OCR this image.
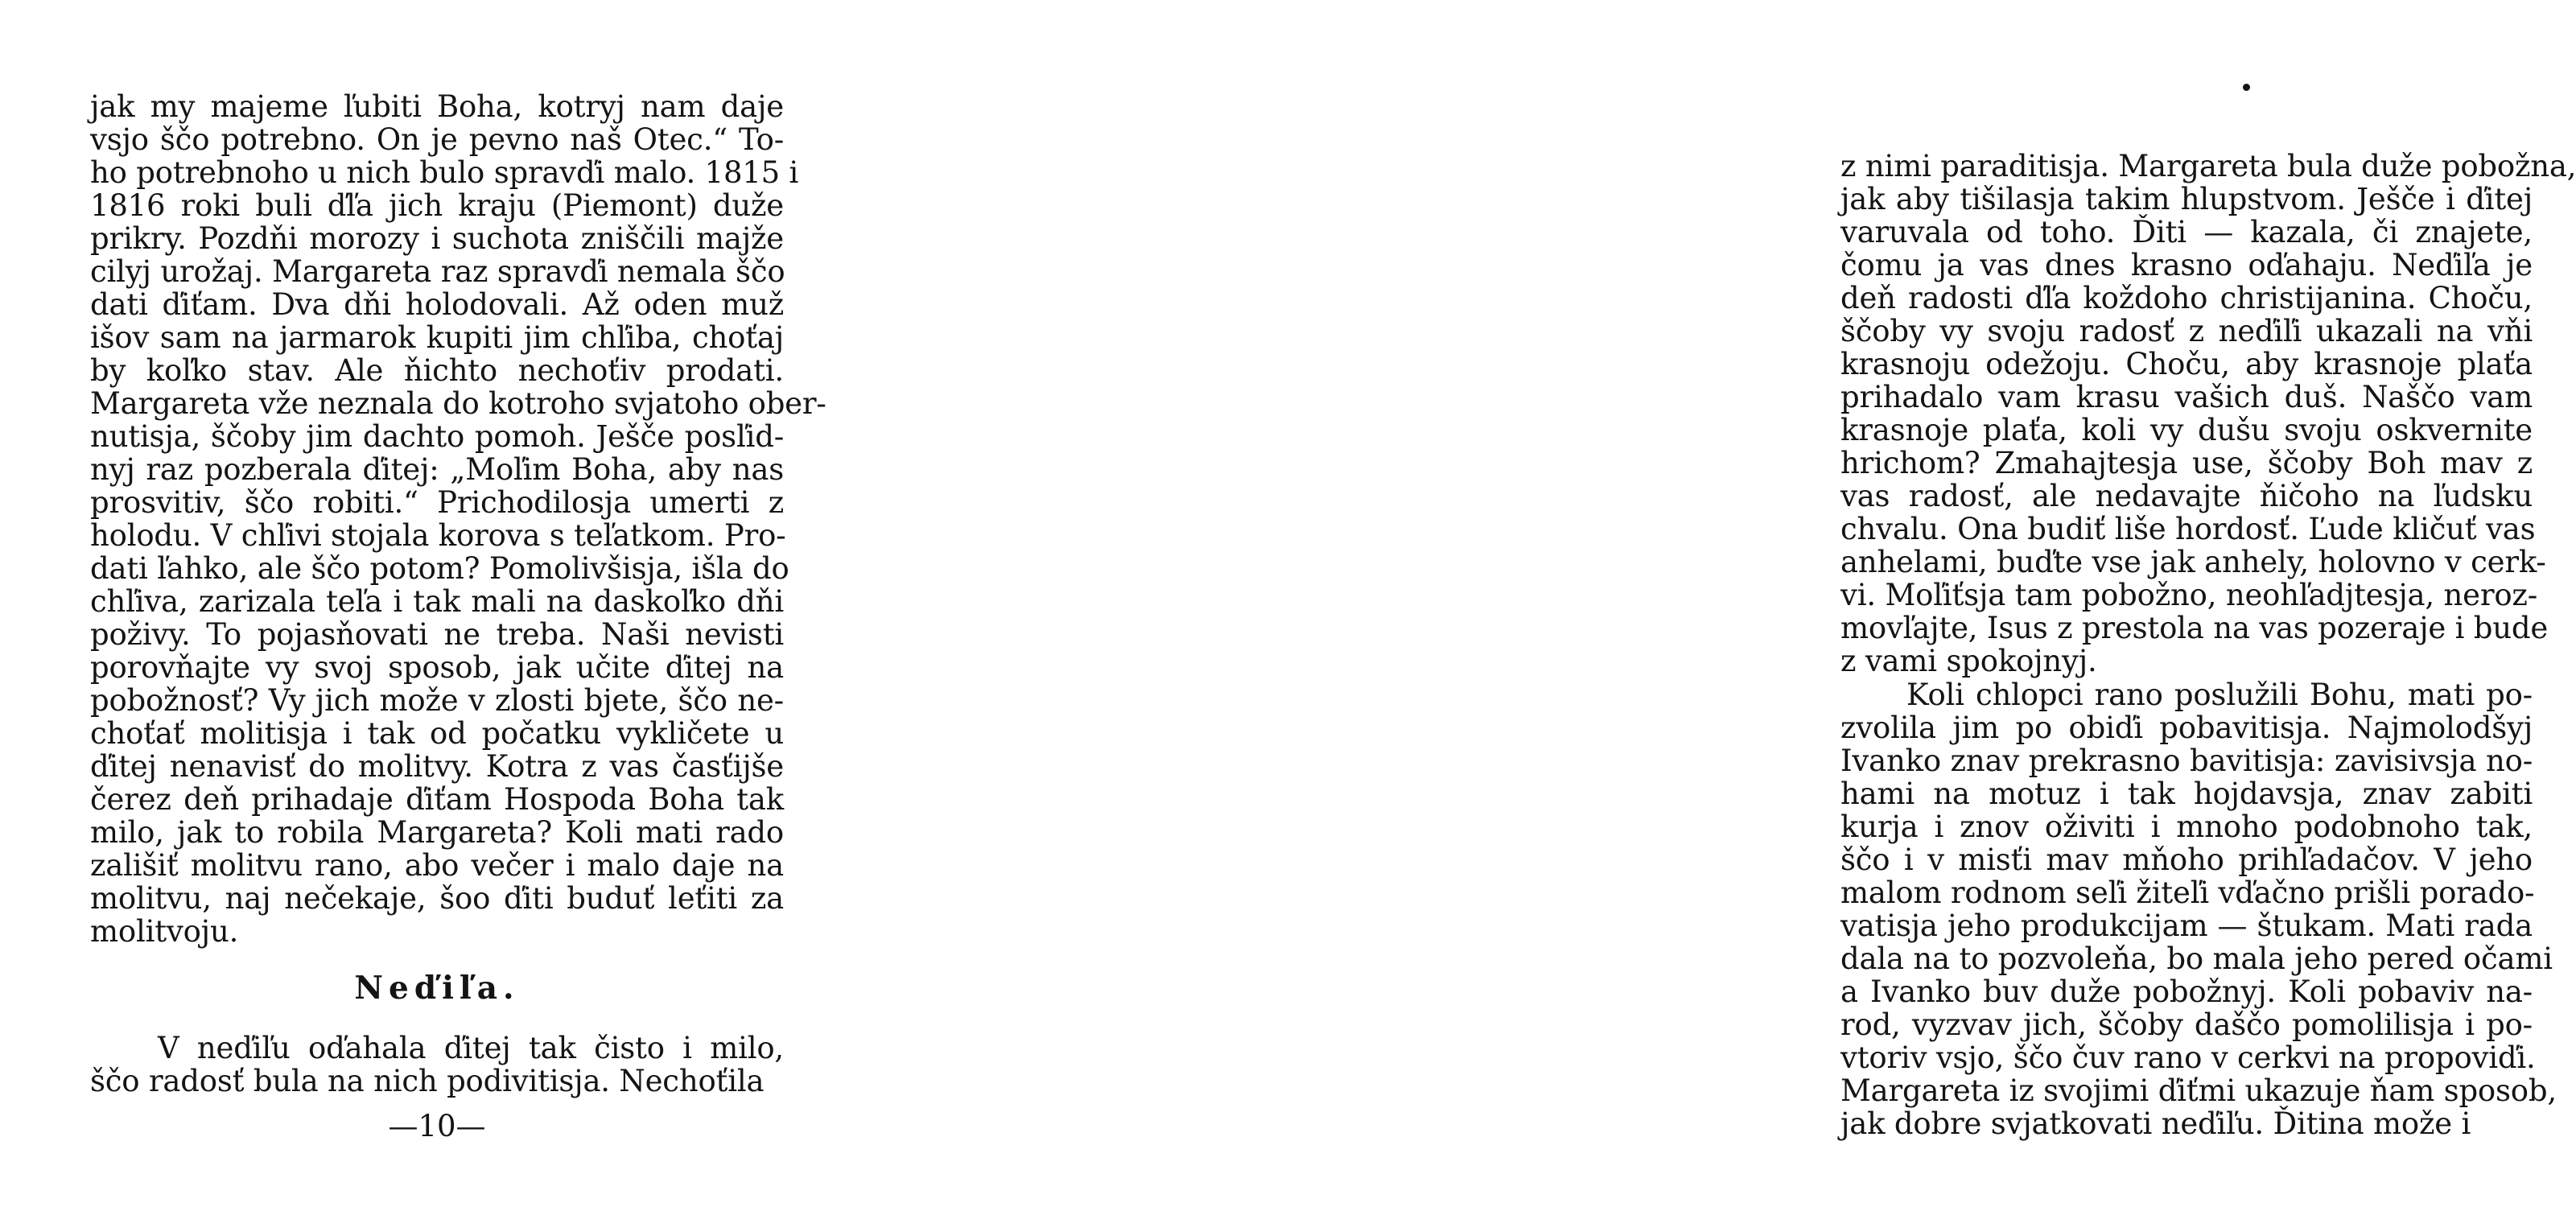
jak my majeme ľubiti Boha, kotryj nam daje
vsjo ščo potrebno. On je pevno naš Otec.“ To-
ho potrebnoho u nich bulo spravďi malo. 1815 i
1816 roki buli ďľa jich kraju (Piemont) duže
prikry. Pozdňi morozy i suchota zniščili majže
cilyj urožaj. Margareta raz spravďi nemala ščo
dati ďiťam. Dva dňi holodovali. Až oden muž
išov sam na jarmarok kupiti jim chľiba, choťaj
by koľko stav. Ale ňichto nechoťiv prodati.
Margareta vže neznala do kotroho svjatoho ober-
nutisja, ščoby jim dachto pomoh. Ješče posľid-
nyj raz pozberala ďitej: „Moľim Boha, aby nas
prosvitiv, ščo robiti.“ Prichodilosja umerti z
holodu. V chľivi stojala korova s teľatkom. Pro-
dati ľahko, ale ščo potom? Pomolivšisja, išla do
chľiva, zarizala teľa i tak mali na daskoľko dňi
poživy. To pojasňovati ne treba. Naši nevisti
porovňajte vy svoj sposob, jak učite ďitej na
pobožnosť? Vy jich može v zlosti bjete, ščo ne-
choťať molitisja i tak od počatku vykličete u
ďitej nenavisť do molitvy. Kotra z vas časťijše
čerez deň prihadaje ďiťam Hospoda Boha tak
milo, jak to robila Margareta? Koli mati rado
zališiť molitvu rano, abo večer i malo daje na
molitvu, naj nečekaje, šoo ďiti buduť leťiti za
molitvoju.
Neďiľa.
V neďiľu oďahala ďitej tak čisto i milo,
ščo radosť bula na nich podivitisja. Nechoťila
—10—
z nimi paraditisja. Margareta bula duže pobožna,
jak aby tišilasja takim hlupstvom. Ješče i ďitej
varuvala od toho. Ďiti — kazala, či znajete,
čomu ja vas dnes krasno oďahaju. Neďiľa je
deň radosti ďľa koždoho christijanina. Choču,
ščoby vy svoju radosť z neďiľi ukazali na vňi
krasnoju odežoju. Choču, aby krasnoje plaťa
prihadalo vam krasu vašich duš. Naščo vam
krasnoje plaťa, koli vy dušu svoju oskvernite
hrichom? Zmahajtesja use, ščoby Boh mav z
vas radosť, ale nedavajte ňičoho na ľudsku
chvalu. Ona budiť liše hordosť. Ľude kličuť vas
anhelami, buďte vse jak anhely, holovno v cerk-
vi. Moľiťsja tam pobožno, neohľadjtesja, neroz-
movľajte, Isus z prestola na vas pozeraje i bude
z vami spokojnyj.
Koli chlopci rano poslužili Bohu, mati po-
zvolila jim po obiďi pobavitisja. Najmolodšyj
Ivanko znav prekrasno bavitisja: zavisivsja no-
hami na motuz i tak hojdavsja, znav zabiti
kurja i znov oživiti i mnoho podobnoho tak,
ščo i v misťi mav mňoho prihľadačov. V jeho
malom rodnom seľi žiteľi vďačno prišli porado-
vatisja jeho produkcijam — štukam. Mati rada
dala na to pozvoleňa, bo mala jeho pered očami
a Ivanko buv duže pobožnyj. Koli pobaviv na-
rod, vyzvav jich, ščoby daščo pomolilisja i po-
vtoriv vsjo, ščo čuv rano v cerkvi na propoviďi.
Margareta iz svojimi ďiťmi ukazuje ňam sposob,
jak dobre svjatkovati neďiľu. Ďitina može i
